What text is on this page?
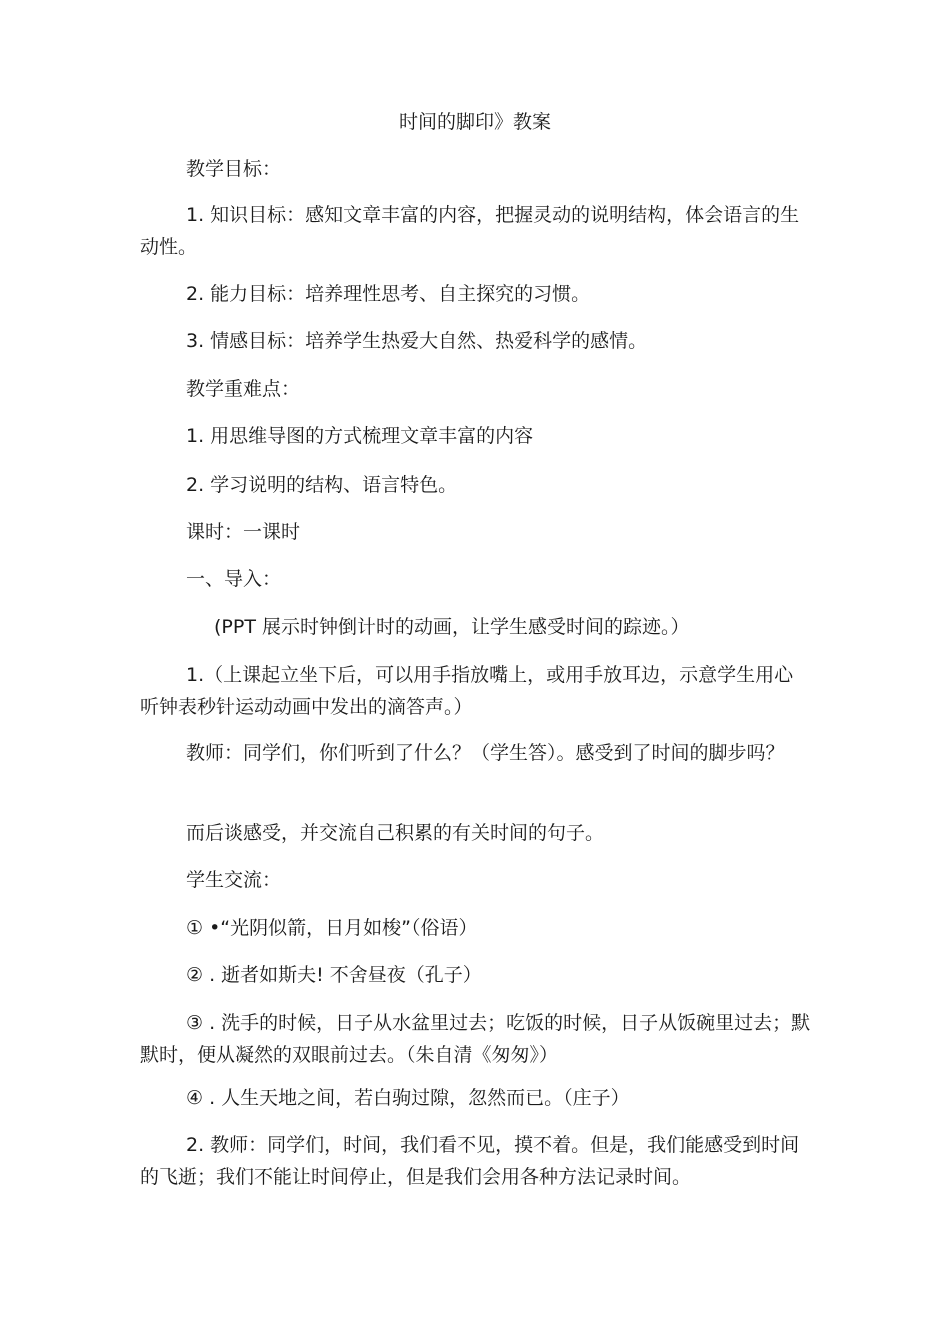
时间的脚印》教案
教学目标：
1. 知识目标：感知文章丰富的内容，把握灵动的说明结构，体会语言的生动性。
2. 能力目标：培养理性思考、自主探究的习惯。
3. 情感目标：培养学生热爱大自然、热爱科学的感情。
教学重难点：
1. 用思维导图的方式梳理文章丰富的内容
2. 学习说明的结构、语言特色。
课时：一课时
一、导入：
(PPT 展示时钟倒计时的动画，让学生感受时间的踪迹。）
1.（上课起立坐下后，可以用手指放嘴上，或用手放耳边，示意学生用心听钟表秒针运动动画中发出的滴答声。）
教师：同学们，你们听到了什么？（学生答）。感受到了时间的脚步吗？
而后谈感受，并交流自己积累的有关时间的句子。
学生交流：
① •“光阴似箭，日月如梭”（俗语）
② . 逝者如斯夫! 不舍昼夜（孔子）
③ . 洗手的时候，日子从水盆里过去；吃饭的时候，日子从饭碗里过去；默默时，便从凝然的双眼前过去。（朱自清《匆匆》）
④ . 人生天地之间，若白驹过隙，忽然而已。（庄子）
2. 教师：同学们，时间，我们看不见，摸不着。但是，我们能感受到时间的飞逝；我们不能让时间停止，但是我们会用各种方法记录时间。
